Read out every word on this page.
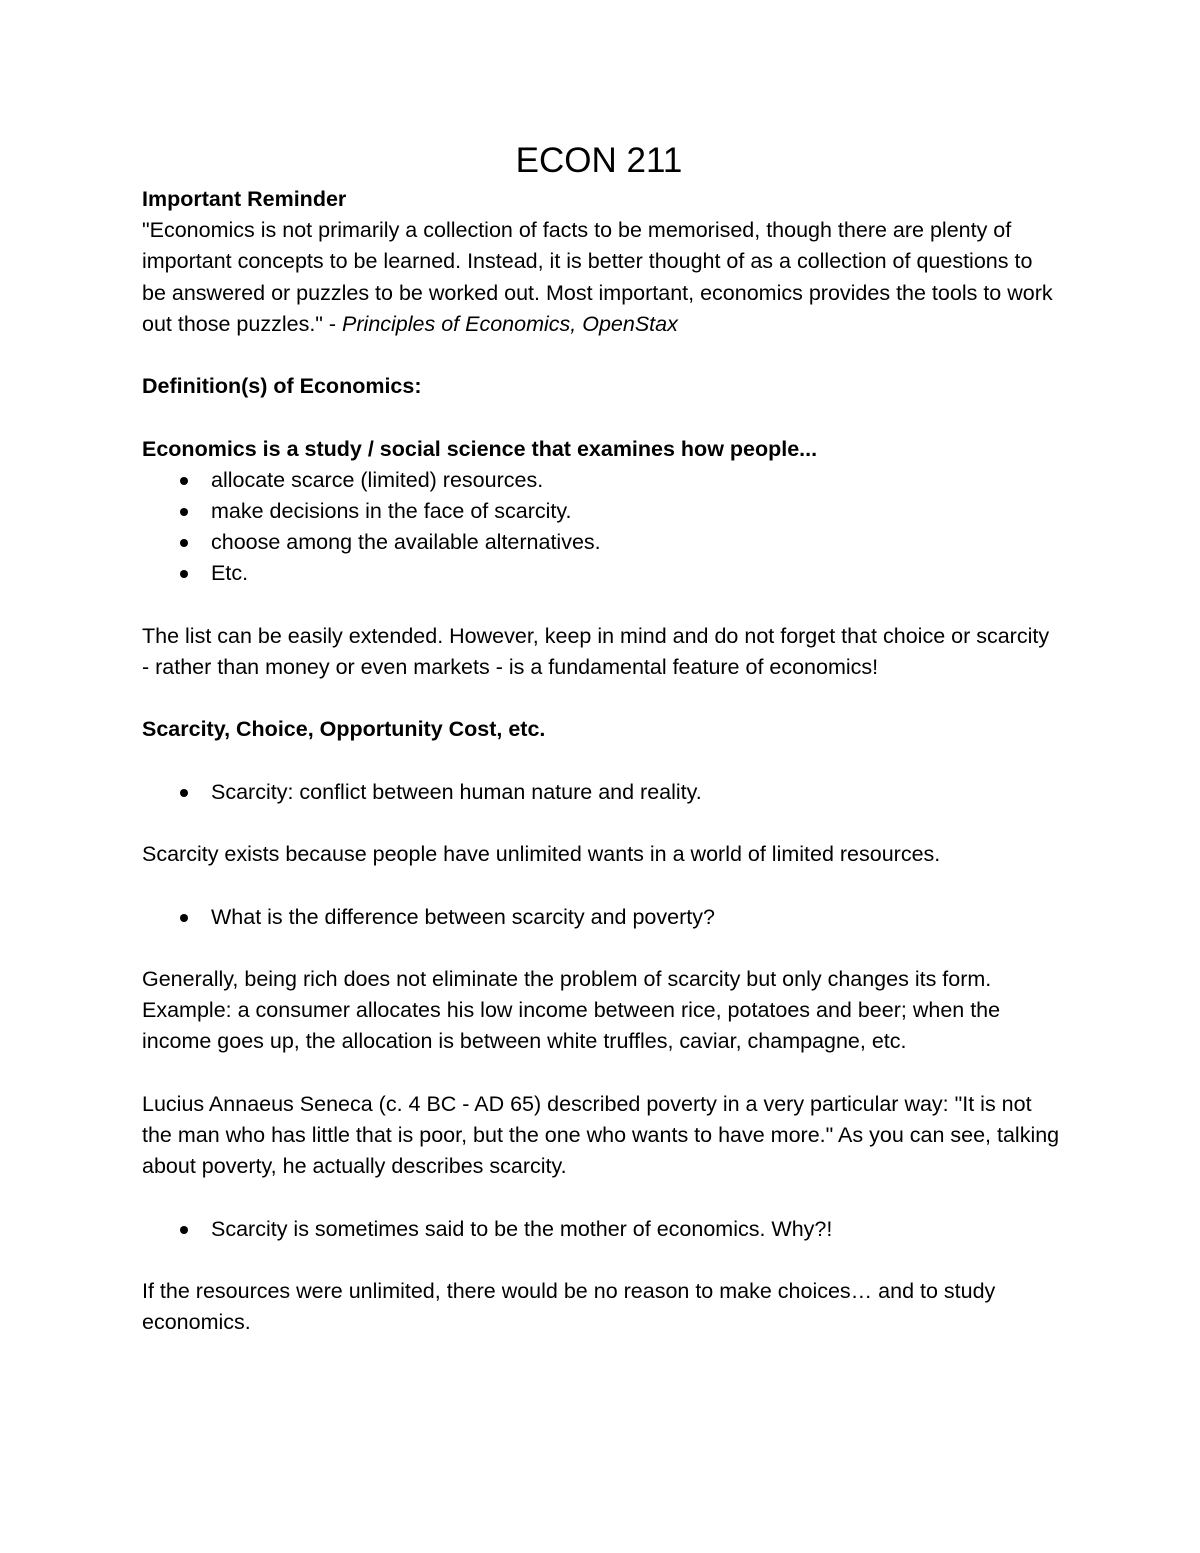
ECON 211

Important Reminder

"Economics is not primarily a collection of facts to be memorised, though there are plenty of important concepts to be learned. Instead, it is better thought of as a collection of questions to be answered or puzzles to be worked out. Most important, economics provides the tools to work out those puzzles." - Principles of Economics, OpenStax

Definition(s) of Economics:

Economics is a study / social science that examines how people...

allocate scarce (limited) resources.
make decisions in the face of scarcity.
choose among the available alternatives.
Etc.

The list can be easily extended. However, keep in mind and do not forget that choice or scarcity - rather than money or even markets - is a fundamental feature of economics!

Scarcity, Choice, Opportunity Cost, etc.

Scarcity: conflict between human nature and reality.

Scarcity exists because people have unlimited wants in a world of limited resources.

What is the difference between scarcity and poverty?

Generally, being rich does not eliminate the problem of scarcity but only changes its form. Example: a consumer allocates his low income between rice, potatoes and beer; when the income goes up, the allocation is between white truffles, caviar, champagne, etc.

Lucius Annaeus Seneca (c. 4 BC - AD 65) described poverty in a very particular way: "It is not the man who has little that is poor, but the one who wants to have more." As you can see, talking about poverty, he actually describes scarcity.

Scarcity is sometimes said to be the mother of economics. Why?!

If the resources were unlimited, there would be no reason to make choices… and to study economics.
